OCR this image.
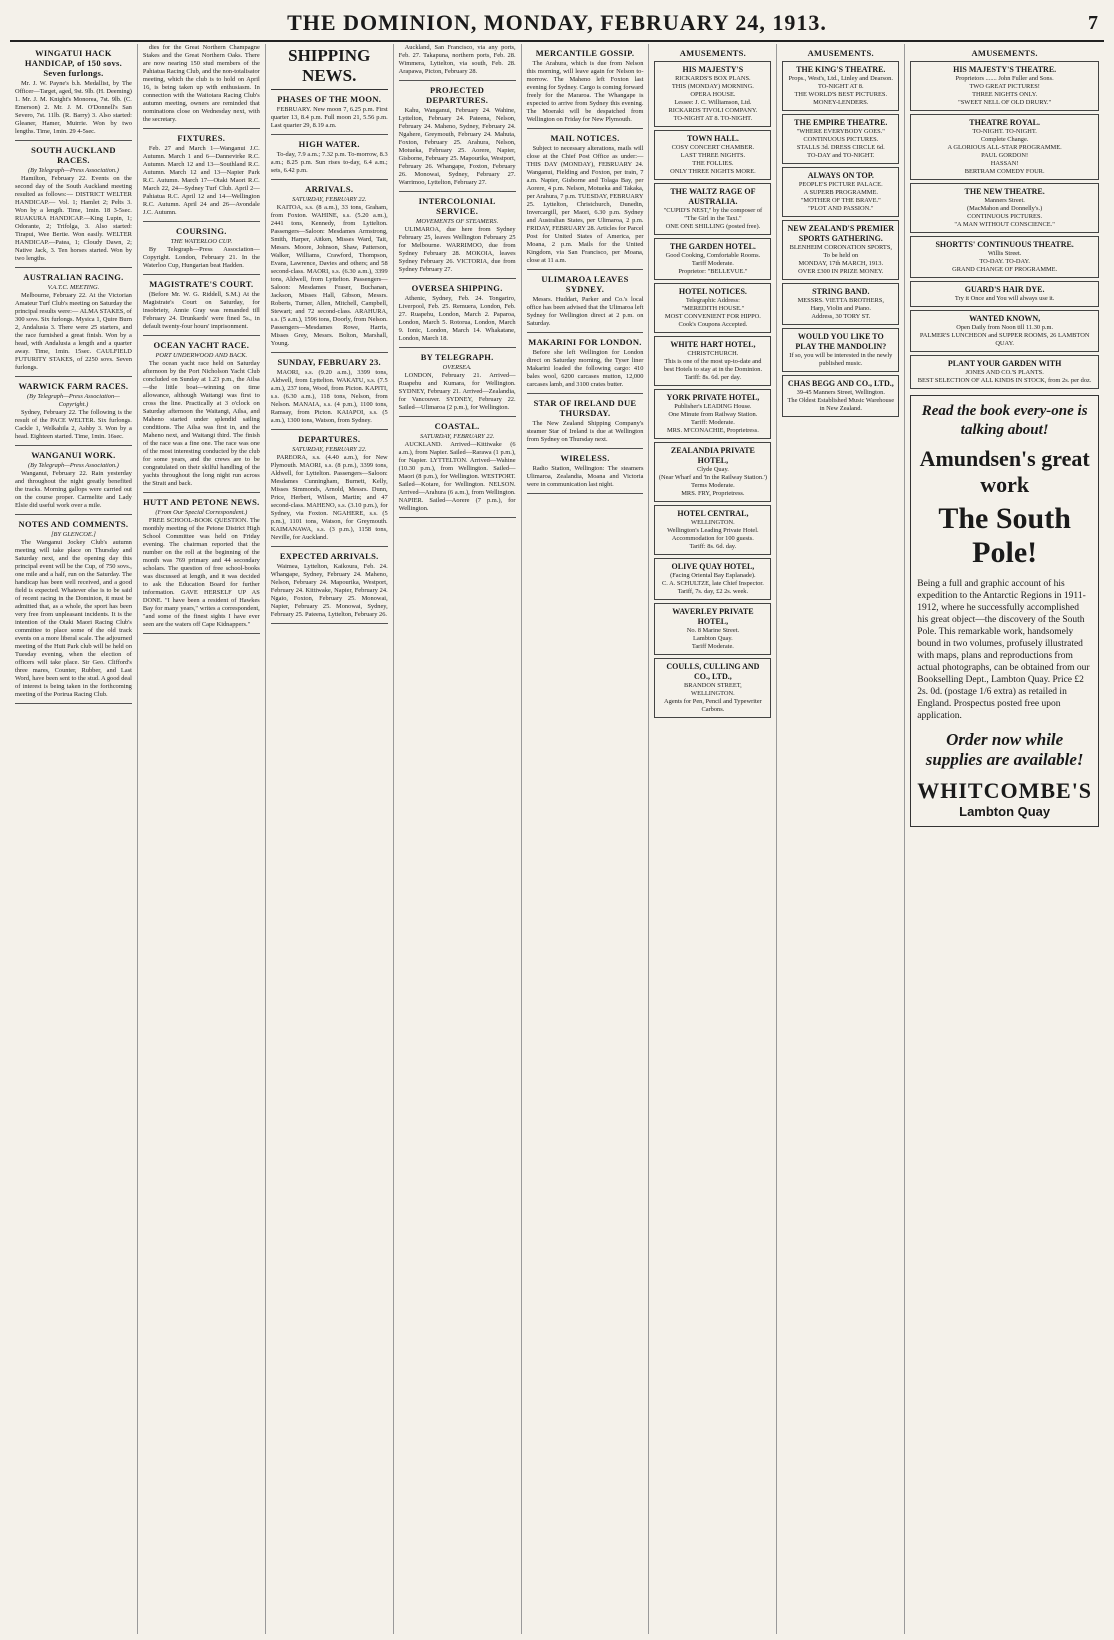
THE DOMINION, MONDAY, FEBRUARY 24, 1913.	7
WINGATUI HACK HANDICAP, of 150 sovs. Seven furlongs.
Mr. J. W. Payne's b.h. Medallist, by The Officer—Target, aged, 9st. 9lb. (H. Deeming) 1. Mr. J. M. Knight's Monorea, 7st. 9lb. (C. Emerson) 2. Mr. J. M. O'Donnell's San Severo, 7st. 11lb. (R. Barry) 3. Also started: Gleaner, Hamer, Muirrie. Won by two lengths. Time, 1min. 29 4-5sec.
SOUTH AUCKLAND RACES.
(By Telegraph—Press Association.)
Hamilton, February 22. Events on the second day of the South Auckland meeting resulted as follows:— DISTRICT WELTER HANDICAP.— Vol. 1; Hamlet 2; Pelts 3. Won by a length. Time, 1min. 18 3-5sec. RUAKURA HANDICAP.—King Lupin, 1; Odorante, 2; Trifolga, 3. Also started: Tirapui, Wee Bertie. Won easily. WELTER HANDICAP.—Patea, 1; Cloudy Dawn, 2; Native Jack, 3. Ten horses started. Won by two lengths.
AUSTRALIAN RACING.
V.A.T.C. MEETING.
Melbourne, February 22. At the Victorian Amateur Turf Club's meeting on Saturday the principal results were:— ALMA STAKES, of 300 sovs. Six furlongs. Mysica 1, Quire Burn 2, Andalusia 3. There were 25 starters, and the race furnished a great finish. Won by a head, with Andalusia a length and a quarter away. Time, 1min. 15sec. CAULFIELD FUTURITY STAKES, of 2250 sovs. Seven furlongs.
WARWICK FARM RACES.
(By Telegraph—Press Association—Copyright.)
Sydney, February 22. The following is the result of the PACE WELTER. Six furlongs. Cackle 1, Welkahila 2, Ashby 3. Won by a head. Eighteen started. Time, 1min. 16sec.
WANGANUI WORK.
(By Telegraph—Press Association.)
Wanganui, February 22. Rain yesterday and throughout the night greatly benefited the tracks. Morning gallops were carried out on the course proper. Carmelite and Lady Elsie did useful work over a mile.
NOTES AND COMMENTS.
[BY GLENCOE.]
The Wanganui Jockey Club's autumn meeting will take place on Thursday and Saturday next, and the opening day this principal event will be the Cup, of 750 sovs., one mile and a half, run on the Saturday. The handicap has been well received, and a good field is expected. Whatever else is to be said of recent racing in the Dominion, it must be admitted that, as a whole, the sport has been very free from unpleasant incidents. It is the intention of the Otaki Maori Racing Club's committee to place some of the old track events on a more liberal scale. The adjourned meeting of the Hutt Park club will be held on Tuesday evening, when the election of officers will take place. Sir Geo. Clifford's three mares, Counter, Rubber, and Last Word, have been sent to the stud. A good deal of interest is being taken in the forthcoming meeting of the Porirua Racing Club.
dies for the Great Northern Champagne Stakes and the Great Northern Oaks. There are now nearing 150 stud members of the Pahiatua Racing Club, and the non-totalisator meeting, which the club is to hold on April 16, is being taken up with enthusiasm. In connection with the Waitotara Racing Club's autumn meeting, owners are reminded that nominations close on Wednesday next, with the secretary.
FIXTURES.
Feb. 27 and March 1—Wanganui J.C. Autumn. March 1 and 6—Dannevirke R.C. Autumn. March 12 and 13—Southland R.C. Autumn. March 12 and 13—Napier Park R.C. Autumn. March 17—Otaki Maori R.C. March 22, 24—Sydney Turf Club. April 2—Pahiatua R.C. April 12 and 14—Wellington R.C. Autumn. April 24 and 26—Avondale J.C. Autumn.
COURSING.
THE WATERLOO CUP.
By Telegraph—Press Association—Copyright. London, February 21. In the Waterloo Cup, Hungarian beat Hadden.
MAGISTRATE'S COURT.
(Before Mr. W. G. Riddell, S.M.) At the Magistrate's Court on Saturday, for insobriety, Annie Gray was remanded till February 24. Drunkards' were fined 5s., in default twenty-four hours' imprisonment.
OCEAN YACHT RACE.
PORT UNDERWOOD AND BACK.
The ocean yacht race held on Saturday afternoon by the Port Nicholson Yacht Club concluded on Sunday at 1.23 p.m., the Ailsa—the little boat—winning on time allowance, although Waitangi was first to cross the line. Practically at 3 o'clock on Saturday afternoon the Waitangi, Ailsa, and Maheno started under splendid sailing conditions. The Ailsa was first in, and the Maheno next, and Waitangi third. The finish of the race was a fine one. The race was one of the most interesting conducted by the club for some years, and the crews are to be congratulated on their skilful handling of the yachts throughout the long night run across the Strait and back.
HUTT AND PETONE NEWS.
(From Our Special Correspondent.)
FREE SCHOOL-BOOK QUESTION. The monthly meeting of the Petone District High School Committee was held on Friday evening. The chairman reported that the number on the roll at the beginning of the month was 769 primary and 44 secondary scholars. The question of free school-books was discussed at length, and it was decided to ask the Education Board for further information. GAVE HERSELF UP AS DONE. "I have been a resident of Hawkes Bay for many years," writes a correspondent, "and some of the finest sights I have ever seen are the waters off Cape Kidnappers."
SHIPPING NEWS.
PHASES OF THE MOON.
FEBRUARY. New moon 7, 6.25 p.m. First quarter 13, 8.4 p.m. Full moon 21, 5.56 p.m. Last quarter 29, 8.19 a.m.
HIGH WATER.
To-day, 7.9 a.m.; 7.32 p.m. To-morrow, 8.3 a.m.; 8.25 p.m. Sun rises to-day, 6.4 a.m.; sets, 6.42 p.m.
ARRIVALS.
SATURDAY, FEBRUARY 22.
KAITOA, s.s. (8 a.m.), 33 tons, Graham, from Foxton. WAHINE, s.s. (5.20 a.m.), 2441 tons, Kennedy, from Lyttelton. Passengers—Saloon: Mesdames Armstrong, Smith, Harper, Aitken, Misses Ward, Tait, Messrs. Moore, Johnson, Shaw, Patterson, Walker, Williams, Crawford, Thompson, Evans, Lawrence, Davies and others; and 58 second-class. MAORI, s.s. (6.30 a.m.), 3399 tons, Aldwell, from Lyttelton. Passengers—Saloon: Mesdames Fraser, Buchanan, Jackson, Misses Hall, Gibson, Messrs. Roberts, Turner, Allen, Mitchell, Campbell, Stewart; and 72 second-class. ARAHURA, s.s. (5 a.m.), 1596 tons, Doorly, from Nelson. Passengers—Mesdames Rowe, Harris, Misses Grey, Messrs. Bolton, Marshall, Young.
SUNDAY, FEBRUARY 23.
MAORI, s.s. (9.20 a.m.), 3399 tons, Aldwell, from Lyttelton. WAKATU, s.s. (7.5 a.m.), 237 tons, Wood, from Picton. KAPITI, s.s. (6.30 a.m.), 118 tons, Nelson, from Nelson. MANAIA, s.s. (4 p.m.), 1100 tons, Ramsay, from Picton. KAIAPOI, s.s. (5 a.m.), 1300 tons, Watson, from Sydney.
DEPARTURES.
SATURDAY, FEBRUARY 22.
PAREORA, s.s. (4.40 a.m.), for New Plymouth. MAORI, s.s. (8 p.m.), 3399 tons, Aldwell, for Lyttelton. Passengers—Saloon: Mesdames Cunningham, Burnett, Kelly, Misses Simmonds, Arnold, Messrs. Dunn, Price, Herbert, Wilson, Martin; and 47 second-class. MAHENO, s.s. (3.10 p.m.), for Sydney, via Foxton. NGAHERE, s.s. (5 p.m.), 1101 tons, Watson, for Greymouth. KAIMANAWA, s.s. (3 p.m.), 1158 tons, Neville, for Auckland.
EXPECTED ARRIVALS.
Waimea, Lyttelton, Kaikoura, Feb. 24. Whangape, Sydney, February 24. Maheno, Nelson, February 24. Mapourika, Westport, February 24. Kittiwake, Napier, February 24. Ngaio, Foxton, February 25. Monowai, Napier, February 25. Monowai, Sydney, February 25. Pateena, Lyttelton, February 26.
Auckland, San Francisco, via any ports, Feb. 27. Takapuna, northern ports, Feb. 28. Wimmera, Lyttelton, via south, Feb. 28. Arapawa, Picton, February 28.
PROJECTED DEPARTURES.
Kahu, Wanganui, February 24. Wahine, Lyttelton, February 24. Pateena, Nelson, February 24. Maheno, Sydney, February 24. Ngahere, Greymouth, February 24. Mahuta, Foxton, February 25. Arahura, Nelson, Motueka, February 25. Aorere, Napier, Gisborne, February 25. Mapourika, Westport, February 26. Whangape, Foxton, February 26. Monowai, Sydney, February 27. Warrimoo, Lyttelton, February 27.
INTERCOLONIAL SERVICE.
MOVEMENTS OF STEAMERS.
ULIMAROA, due here from Sydney February 25, leaves Wellington February 25 for Melbourne. WARRIMOO, due from Sydney February 28. MOKOIA, leaves Sydney February 26. VICTORIA, due from Sydney February 27.
OVERSEA SHIPPING.
Athenic, Sydney, Feb. 24. Tongariro, Liverpool, Feb. 25. Remuera, London, Feb. 27. Ruapehu, London, March 2. Paparoa, London, March 5. Rotorua, London, March 9. Ionic, London, March 14. Whakatane, London, March 18.
BY TELEGRAPH.
OVERSEA.
LONDON, February 21. Arrived—Ruapehu and Kumara, for Wellington. SYDNEY, February 21. Arrived—Zealandia, for Vancouver. SYDNEY, February 22. Sailed—Ulimaroa (2 p.m.), for Wellington.
COASTAL.
SATURDAY, FEBRUARY 22.
AUCKLAND. Arrived—Kittiwake (6 a.m.), from Napier. Sailed—Rarawa (1 p.m.), for Napier. LYTTELTON. Arrived—Wahine (10.30 p.m.), from Wellington. Sailed—Maori (8 p.m.), for Wellington. WESTPORT. Sailed—Kotare, for Wellington. NELSON. Arrived—Arahura (6 a.m.), from Wellington. NAPIER. Sailed—Aorere (7 p.m.), for Wellington.
MERCANTILE GOSSIP.
The Arahura, which is due from Nelson this morning, will leave again for Nelson to-morrow. The Maheno left Foxton last evening for Sydney. Cargo is coming forward freely for the Mararoa. The Whangape is expected to arrive from Sydney this evening. The Moeraki will be despatched from Wellington on Friday for New Plymouth.
MAIL NOTICES.
Subject to necessary alterations, mails will close at the Chief Post Office as under:— THIS DAY (MONDAY), FEBRUARY 24. Wanganui, Fielding and Foxton, per train, 7 a.m. Napier, Gisborne and Tolaga Bay, per Aorere, 4 p.m. Nelson, Motueka and Takaka, per Arahura, 7 p.m. TUESDAY, FEBRUARY 25. Lyttelton, Christchurch, Dunedin, Invercargill, per Maori, 6.30 p.m. Sydney and Australian States, per Ulimaroa, 2 p.m. FRIDAY, FEBRUARY 28. Articles for Parcel Post for United States of America, per Moana, 2 p.m. Mails for the United Kingdom, via San Francisco, per Moana, close at 11 a.m.
ULIMAROA LEAVES SYDNEY.
Messrs. Huddart, Parker and Co.'s local office has been advised that the Ulimaroa left Sydney for Wellington direct at 2 p.m. on Saturday.
MAKARINI FOR LONDON.
Before she left Wellington for London direct on Saturday morning, the Tyser liner Makarini loaded the following cargo: 410 bales wool, 6200 carcases mutton, 12,000 carcases lamb, and 3100 crates butter.
STAR OF IRELAND DUE THURSDAY.
The New Zealand Shipping Company's steamer Star of Ireland is due at Wellington from Sydney on Thursday next.
WIRELESS.
Radio Station, Wellington: The steamers Ulimaroa, Zealandia, Moana and Victoria were in communication last night.
AMUSEMENTS.
HIS MAJESTY'S
RICKARDS'S BOX PLANS.
THIS (MONDAY) MORNING.
OPERA HOUSE.
Lessee: J. C. Williamson, Ltd.
RICKARDS TIVOLI COMPANY.
TO-NIGHT AT 8. TO-NIGHT.
TOWN HALL.
COSY CONCERT CHAMBER.
LAST THREE NIGHTS.
THE FOLLIES.
ONLY THREE NIGHTS MORE.
THE WALTZ RAGE OF AUSTRALIA.
"CUPID'S NEST," by the composer of "The Girl in the Taxi."
ONE ONE SHILLING (posted free).
THE GARDEN HOTEL.
Good Cooking, Comfortable Rooms.
Tariff Moderate.
Proprietor: "BELLEVUE."
HOTEL NOTICES.
Telegraphic Address:
"MEREDITH HOUSE."
MOST CONVENIENT FOR HIPPO.
Cook's Coupons Accepted.
WHITE HART HOTEL,
CHRISTCHURCH.
This is one of the most up-to-date and best Hotels to stay at in the Dominion.
Tariff: 8s. 6d. per day.
YORK PRIVATE HOTEL,
Publisher's LEADING House.
One Minute from Railway Station.
Tariff: Moderate.
MRS. M'CONACHIE, Proprietress.
ZEALANDIA PRIVATE HOTEL,
Clyde Quay.
(Near Wharf and 'In the Railway Station.')
Terms Moderate.
MRS. FRY, Proprietress.
HOTEL CENTRAL,
WELLINGTON.
Wellington's Leading Private Hotel.
Accommodation for 100 guests.
Tariff: 8s. 6d. day.
OLIVE QUAY HOTEL,
(Facing Oriental Bay Esplanade).
C. A. SCHULTZE, late Chief Inspector.
Tariff, 7s. day, £2 2s. week.
WAVERLEY PRIVATE HOTEL,
No. 8 Marine Street.
Lambton Quay.
Tariff Moderate.
COULLS, CULLING AND CO., LTD.,
BRANDON STREET,
WELLINGTON.
Agents for Pen, Pencil and Typewriter Carbons.
AMUSEMENTS.
THE KING'S THEATRE.
Props., West's, Ltd., Linley and Dearson.
TO-NIGHT AT 8.
THE WORLD'S BEST PICTURES.
MONEY-LENDERS.
THE EMPIRE THEATRE.
"WHERE EVERYBODY GOES."
CONTINUOUS PICTURES.
STALLS 3d. DRESS CIRCLE 6d.
TO-DAY and TO-NIGHT.
ALWAYS ON TOP.
PEOPLE'S PICTURE PALACE.
A SUPERB PROGRAMME.
"MOTHER OF THE BRAVE."
"PLOT AND PASSION."
NEW ZEALAND'S PREMIER SPORTS GATHERING.
BLENHEIM CORONATION SPORTS,
To be held on
MONDAY, 17th MARCH, 1913.
OVER £300 IN PRIZE MONEY.
STRING BAND.
MESSRS. VIETTA BROTHERS,
Harp, Violin and Piano.
Address, 30 TORY ST.
WOULD YOU LIKE TO PLAY THE MANDOLIN?
If so, you will be interested in the newly published music.
CHAS BEGG AND CO., LTD.,
39-45 Manners Street, Wellington.
The Oldest Established Music Warehouse in New Zealand.
AMUSEMENTS.
HIS MAJESTY'S THEATRE.
Proprietors ....... John Fuller and Sons.
TWO GREAT PICTURES!
THREE NIGHTS ONLY.
"SWEET NELL OF OLD DRURY."
THEATRE ROYAL.
TO-NIGHT. TO-NIGHT.
Complete Change.
A GLORIOUS ALL-STAR PROGRAMME.
PAUL GORDON!
HASSAN!
BERTRAM COMEDY FOUR.
THE NEW THEATRE.
Manners Street.
(MacMahon and Donnelly's.)
CONTINUOUS PICTURES.
"A MAN WITHOUT CONSCIENCE."
SHORTTS' CONTINUOUS THEATRE.
Willis Street.
TO-DAY. TO-DAY.
GRAND CHANGE OF PROGRAMME.
GUARD'S HAIR DYE.
Try it Once and You will always use it.
WANTED KNOWN,
Open Daily from Noon till 11.30 p.m.
PALMER'S LUNCHEON and SUPPER ROOMS, 26 LAMBTON QUAY.
PLANT YOUR GARDEN WITH
JONES AND CO.'S PLANTS.
BEST SELECTION OF ALL KINDS IN STOCK, from 2s. per doz.
Read the book every-one is talking about!
Amundsen's great work
The South Pole!
Being a full and graphic account of his expedition to the Antarctic Regions in 1911-1912, where he successfully accomplished his great object—the discovery of the South Pole. This remarkable work, handsomely bound in two volumes, profusely illustrated with maps, plans and reproductions from actual photographs, can be obtained from our Bookselling Dept., Lambton Quay. Price £2 2s. 0d. (postage 1/6 extra) as retailed in England. Prospectus posted free upon application.
Order now while supplies are available!
WHITCOMBE'S
Lambton Quay
